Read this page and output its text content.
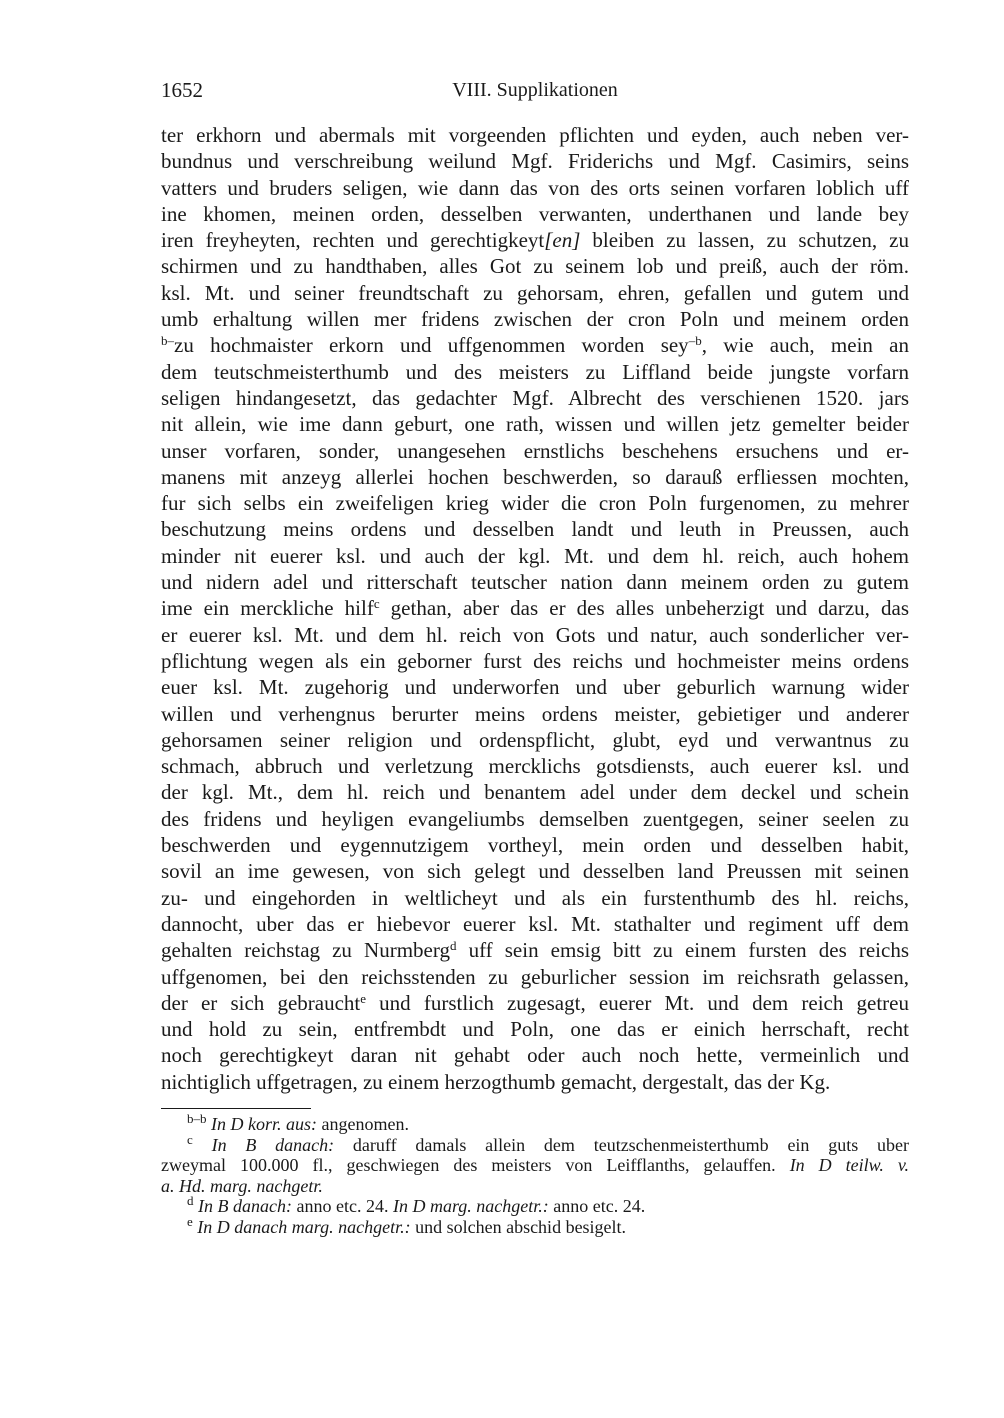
1652	VIII. Supplikationen
ter erkhorn und abermals mit vorgeenden pflichten und eyden, auch neben ver-
bundnus und verschreibung weilund Mgf. Friderichs und Mgf. Casimirs, seins
vatters und bruders seligen, wie dann das von des orts seinen vorfaren loblich uff
ine khomen, meinen orden, desselben verwanten, underthanen und lande bey
iren freyheyten, rechten und gerechtigkeyt[en] bleiben zu lassen, zu schutzen, zu
schirmen und zu handthaben, alles Got zu seinem lob und preiß, auch der röm.
ksl. Mt. und seiner freundtschaft zu gehorsam, ehren, gefallen und gutem und
umb erhaltung willen mer fridens zwischen der cron Poln und meinem orden
$^{b-}$zu hochmaister erkorn und uffgenommen worden sey$^{-b}$, wie auch, mein an
dem teutschmeisterthumb und des meisters zu Liffland beide jungste vorfarn
seligen hindangesetzt, das gedachter Mgf. Albrecht des verschienen 1520. jars
nit allein, wie ime dann geburt, one rath, wissen und willen jetz gemelter beider
unser vorfaren, sonder, unangesehen ernstlichs beschehens ersuchens und er-
manens mit anzeyg allerlei hochen beschwerden, so darauß erfliessen mochten,
fur sich selbs ein zweifeligen krieg wider die cron Poln furgenomen, zu mehrer
beschutzung meins ordens und desselben landt und leuth in Preussen, auch
minder nit euerer ksl. und auch der kgl. Mt. und dem hl. reich, auch hohem
und nidern adel und ritterschaft teutscher nation dann meinem orden zu gutem
ime ein merckliche hilf$^c$ gethan, aber das er des alles unbeherzigt und darzu, das
er euerer ksl. Mt. und dem hl. reich von Gots und natur, auch sonderlicher ver-
pflichtung wegen als ein geborner furst des reichs und hochmeister meins ordens
euer ksl. Mt. zugehorig und underworfen und uber geburlich warnung wider
willen und verhengnus berurter meins ordens meister, gebietiger und anderer
gehorsamen seiner religion und ordenspflicht, glubt, eyd und verwantnus zu
schmach, abbruch und verletzung mercklichs gotsdiensts, auch euerer ksl. und
der kgl. Mt., dem hl. reich und benantem adel under dem deckel und schein
des fridens und heyligen evangeliumbs demselben zuentgegen, seiner seelen zu
beschwerden und eygennutzigem vortheyl, mein orden und desselben habit,
sovil an ime gewesen, von sich gelegt und desselben land Preussen mit seinen
zu- und eingehorden in weltlicheyt und als ein furstenthumb des hl. reichs,
dannocht, uber das er hiebevor euerer ksl. Mt. stathalter und regiment uff dem
gehalten reichstag zu Nurmberg$^d$ uff sein emsig bitt zu einem fursten des reichs
uffgenomen, bei den reichsstenden zu geburlicher session im reichsrath gelassen,
der er sich gebraucht$^e$ und furstlich zugesagt, euerer Mt. und dem reich getreu
und hold zu sein, entfrembdt und Poln, one das er einich herrschaft, recht
noch gerechtigkeyt daran nit gehabt oder auch noch hette, vermeinlich und
nichtiglich uffgetragen, zu einem herzogthumb gemacht, dergestalt, das der Kg.
$^{b-b}$ In D korr. aus: angenomen.
$^c$ In B danach: daruff damals allein dem teutzschenmeisterthumb ein guts uber
zweymal 100.000 fl., geschwiegen des meisters von Leifflanths, gelauffen. In D teilw. v.
a. Hd. marg. nachgetr.
$^d$ In B danach: anno etc. 24. In D marg. nachgetr.: anno etc. 24.
$^e$ In D danach marg. nachgetr.: und solchen abschid besigelt.
